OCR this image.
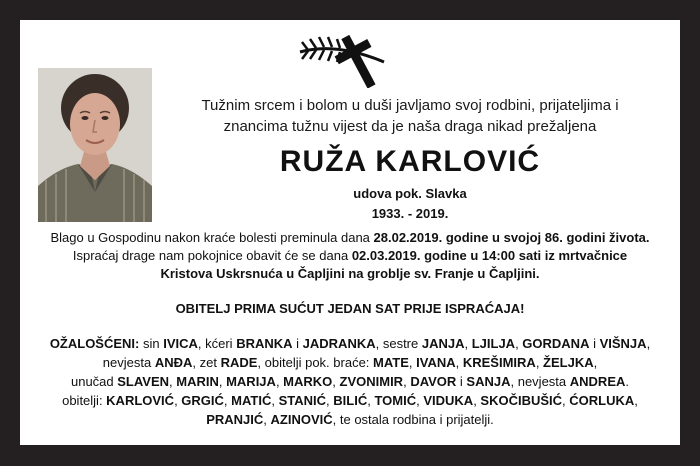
Tužnim srcem i bolom u duši javljamo svoj rodbini, prijateljima i
znancima tužnu vijest da je naša draga nikad prežaljena
RUŽA KARLOVIĆ
udova pok. Slavka
1933. - 2019.
Blago u Gospodinu nakon kraće bolesti preminula dana 28.02.2019. godine u svojoj 86. godini života.
Ispraćaj drage nam pokojnice obavit će se dana 02.03.2019. godine u 14:00 sati iz mrtvačnice
Kristova Uskrsnuća u Čapljini na groblje sv. Franje u Čapljini.
OBITELJ PRIMA SUĆUT JEDAN SAT PRIJE ISPRAĆAJA!
OŽALOŠĆENI: sin IVICA, kćeri BRANKA i JADRANKA, sestre JANJA, LJILJA, GORDANA i VIŠNJA,
nevjesta ANĐA, zet RADE, obitelji pok. braće: MATE, IVANA, KREŠIMIRA, ŽELJKA,
unučad SLAVEN, MARIN, MARIJA, MARKO, ZVONIMIR, DAVOR i SANJA, nevjesta ANDREA.
obitelji: KARLOVIĆ, GRGIĆ, MATIĆ, STANIĆ, BILIĆ, TOMIĆ, VIDUKA, SKOČIBUŠIĆ, ĆORLUKA,
PRANJIĆ, AZINOVIĆ, te ostala rodbina i prijatelji.
